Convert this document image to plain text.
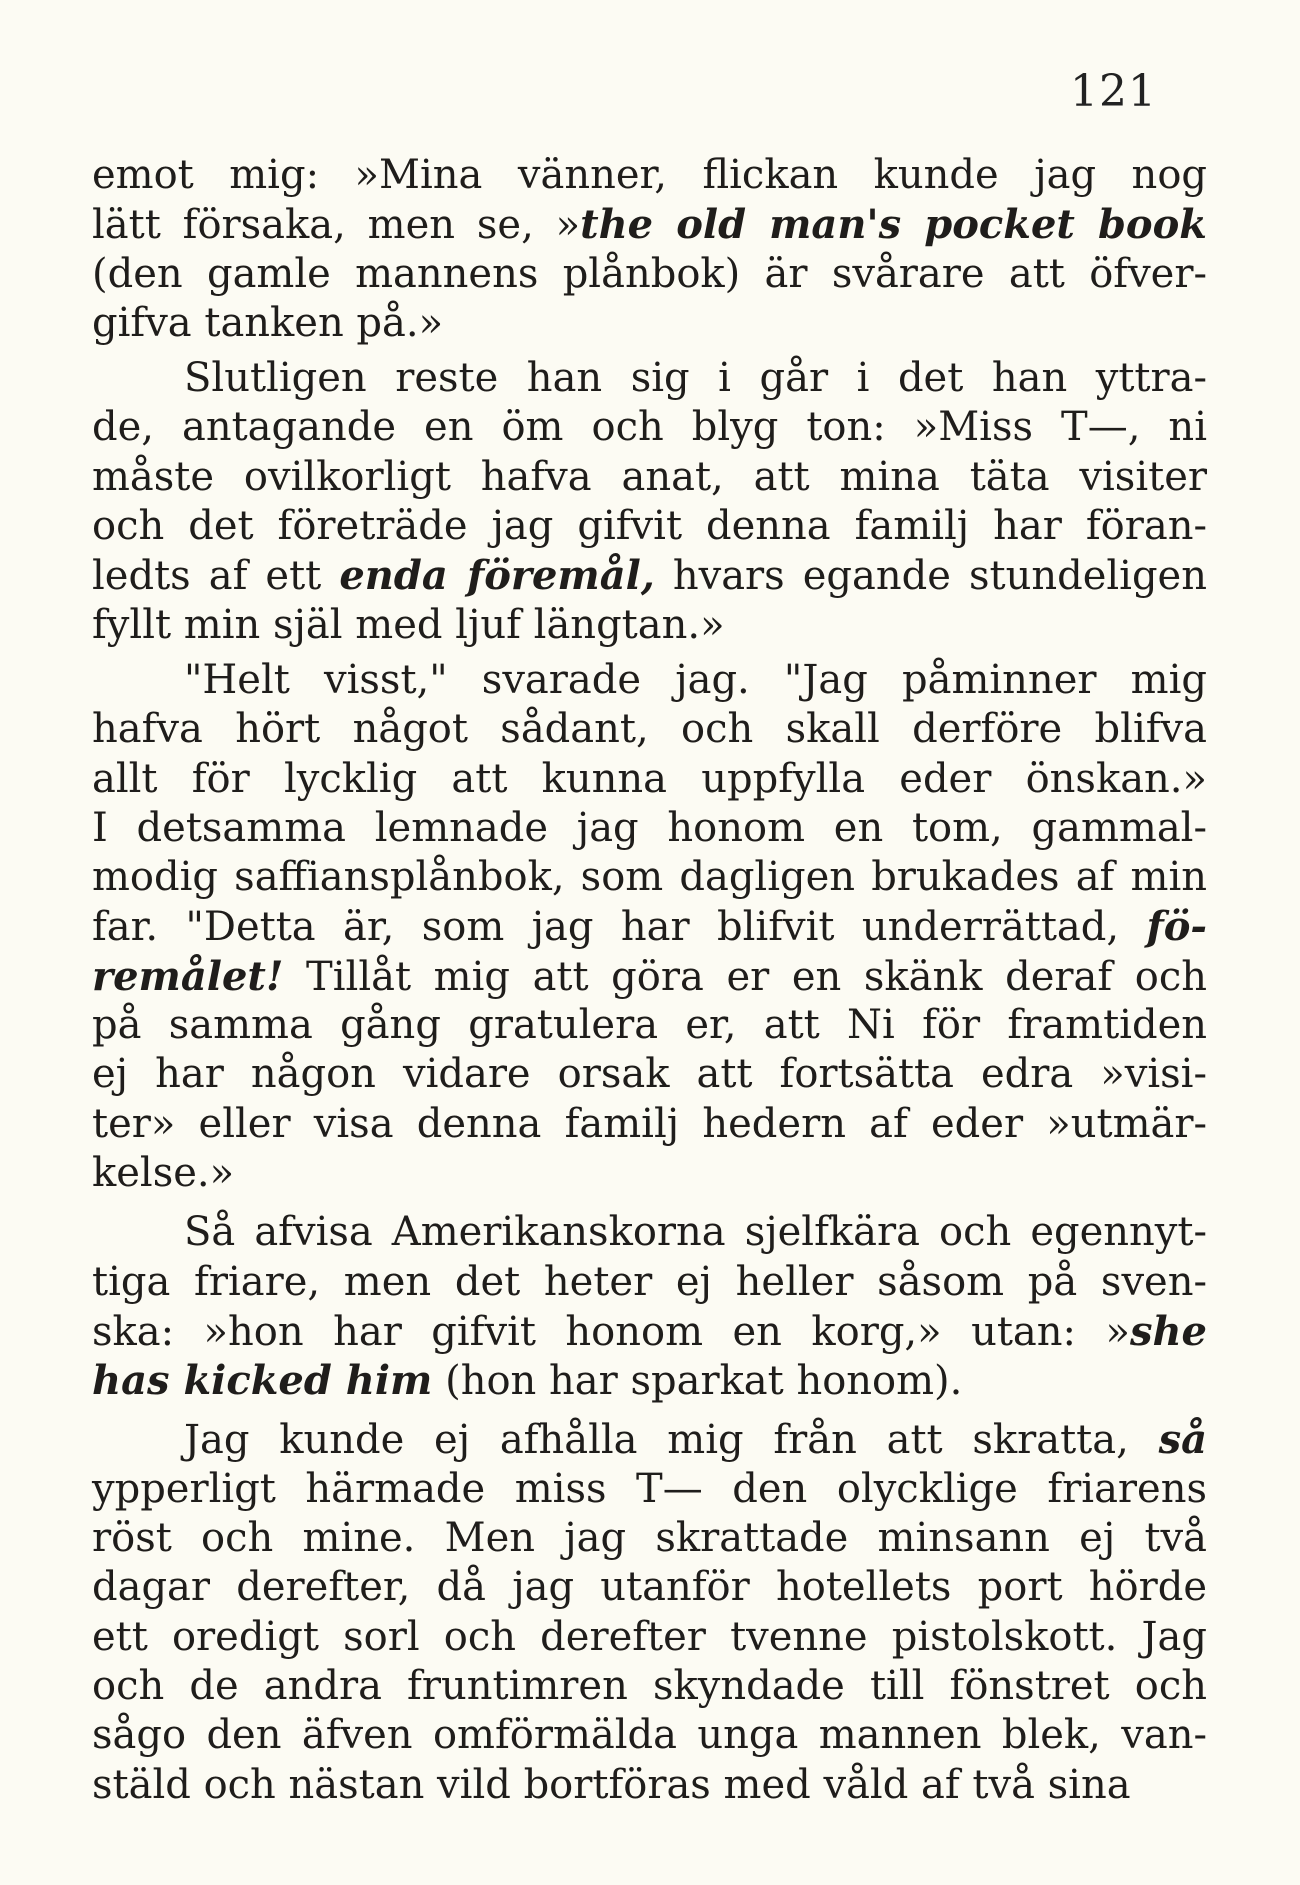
121
emot mig: »Mina vänner, flickan kunde jag nog
lätt försaka, men se, »the old man's pocket book
(den gamle mannens plånbok) är svårare att öfver-
gifva tanken på.»
Slutligen reste han sig i går i det han yttra-
de, antagande en öm och blyg ton: »Miss T—, ni
måste ovilkorligt hafva anat, att mina täta visiter
och det företräde jag gifvit denna familj har föran-
ledts af ett enda föremål, hvars egande stundeligen
fyllt min själ med ljuf längtan.»
"Helt visst," svarade jag. "Jag påminner mig
hafva hört något sådant, och skall derföre blifva
allt för lycklig att kunna uppfylla eder önskan.»
I detsamma lemnade jag honom en tom, gammal-
modig saffiansplånbok, som dagligen brukades af min
far. "Detta är, som jag har blifvit underrättad, fö-
remålet! Tillåt mig att göra er en skänk deraf och
på samma gång gratulera er, att Ni för framtiden
ej har någon vidare orsak att fortsätta edra »visi-
ter» eller visa denna familj hedern af eder »utmär-
kelse.»
Så afvisa Amerikanskorna sjelfkära och egennyt-
tiga friare, men det heter ej heller såsom på sven-
ska: »hon har gifvit honom en korg,» utan: »she
has kicked him (hon har sparkat honom).
Jag kunde ej afhålla mig från att skratta, så
ypperligt härmade miss T— den olycklige friarens
röst och mine. Men jag skrattade minsann ej två
dagar derefter, då jag utanför hotellets port hörde
ett oredigt sorl och derefter tvenne pistolskott. Jag
och de andra fruntimren skyndade till fönstret och
sågo den äfven omförmälda unga mannen blek, van-
stäld och nästan vild bortföras med våld af två sina
